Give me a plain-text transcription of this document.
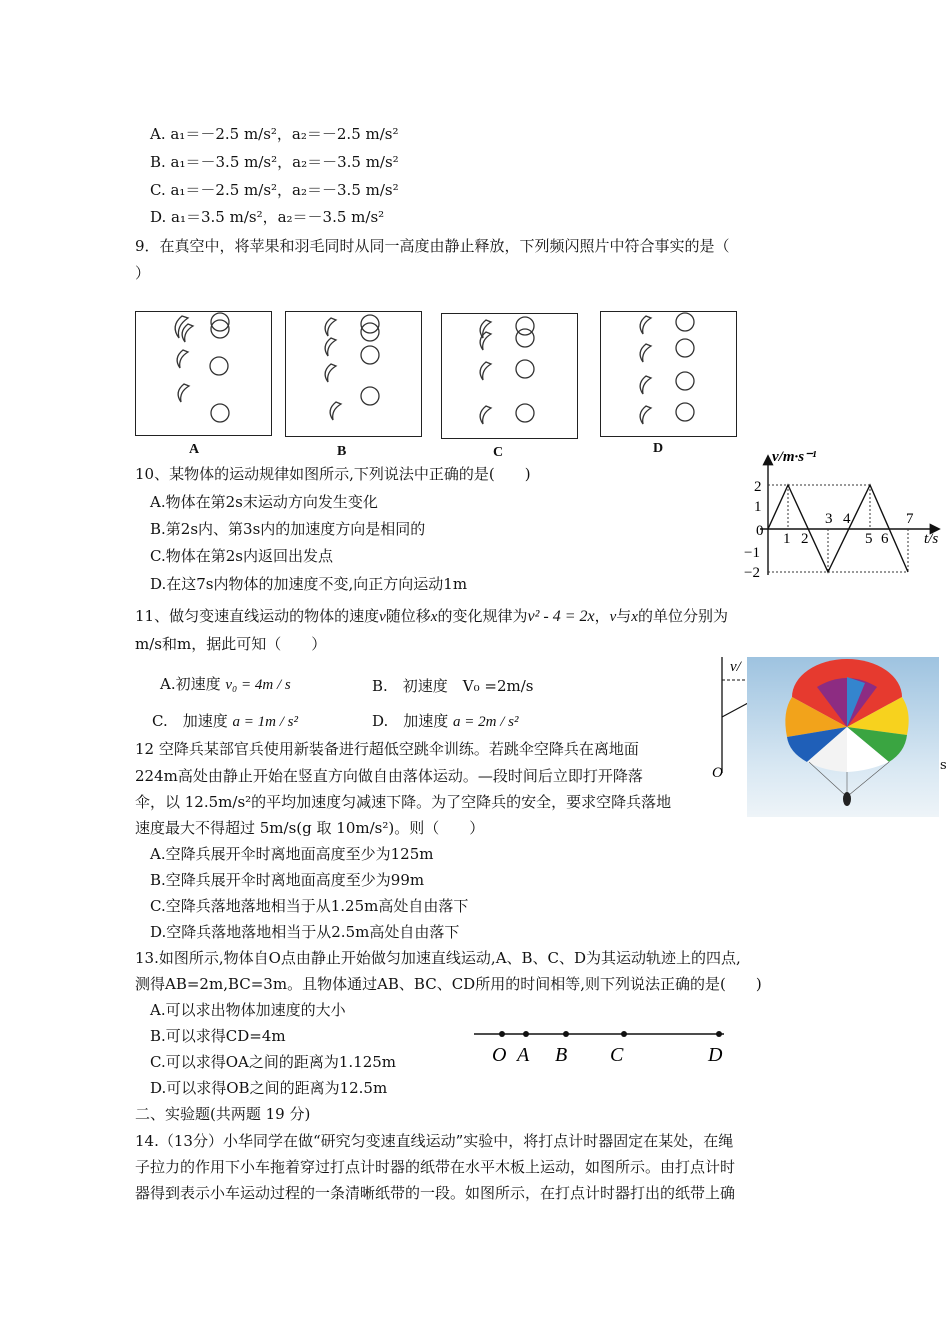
A. a₁＝－2.5 m/s²，a₂＝－2.5 m/s²
B. a₁＝－3.5 m/s²，a₂＝－3.5 m/s²
C. a₁＝－2.5 m/s²，a₂＝－3.5 m/s²
D. a₁＝3.5 m/s²，a₂＝－3.5 m/s²
9．在真空中，将苹果和羽毛同时从同一高度由静止释放，下列频闪照片中符合事实的是（
）
A	B	C	D
10、某物体的运动规律如图所示,下列说法中正确的是(　　)
A.物体在第2s末运动方向发生变化
B.第2s内、第3s内的加速度方向是相同的
C.物体在第2s内返回出发点
D.在这7s内物体的加速度不变,向正方向运动1m
v/m·s⁻¹
t/s
2
1
0
−1
−2
1 2
3 4
5 6
7
11、做匀变速直线运动的物体的速度v随位移x的变化规律为v² - 4 = 2x，v与x的单位分别为
m/s和m，据此可知（　　）
A.初速度 v₀ = 4m / s	B.　初速度　V₀ =2m/s
C.　加速度 a = 1m / s²	D.　加速度 a = 2m / s²
v/
O	s
12 空降兵某部官兵使用新装备进行超低空跳伞训练。若跳伞空降兵在离地面
224m高处由静止开始在竖直方向做自由落体运动。—段时间后立即打开降落
伞，以 12.5m/s²的平均加速度匀减速下降。为了空降兵的安全，要求空降兵落地
速度最大不得超过 5m/s(g 取 10m/s²)。则（　　）
A.空降兵展开伞时离地面高度至少为125m
B.空降兵展开伞时离地面高度至少为99m
C.空降兵落地落地相当于从1.25m高处自由落下
D.空降兵落地落地相当于从2.5m高处自由落下
13.如图所示,物体自O点由静止开始做匀加速直线运动,A、B、C、D为其运动轨迹上的四点,
测得AB=2m,BC=3m。且物体通过AB、BC、CD所用的时间相等,则下列说法正确的是(　　)
A.可以求出物体加速度的大小
B.可以求得CD=4m
C.可以求得OA之间的距离为1.125m
D.可以求得OB之间的距离为12.5m
O A B C	D
二、实验题(共两题 19 分)
14.（13分）小华同学在做“研究匀变速直线运动”实验中，将打点计时器固定在某处，在绳
子拉力的作用下小车拖着穿过打点计时器的纸带在水平木板上运动，如图所示。由打点计时
器得到表示小车运动过程的一条清晰纸带的一段。如图所示，在打点计时器打出的纸带上确
